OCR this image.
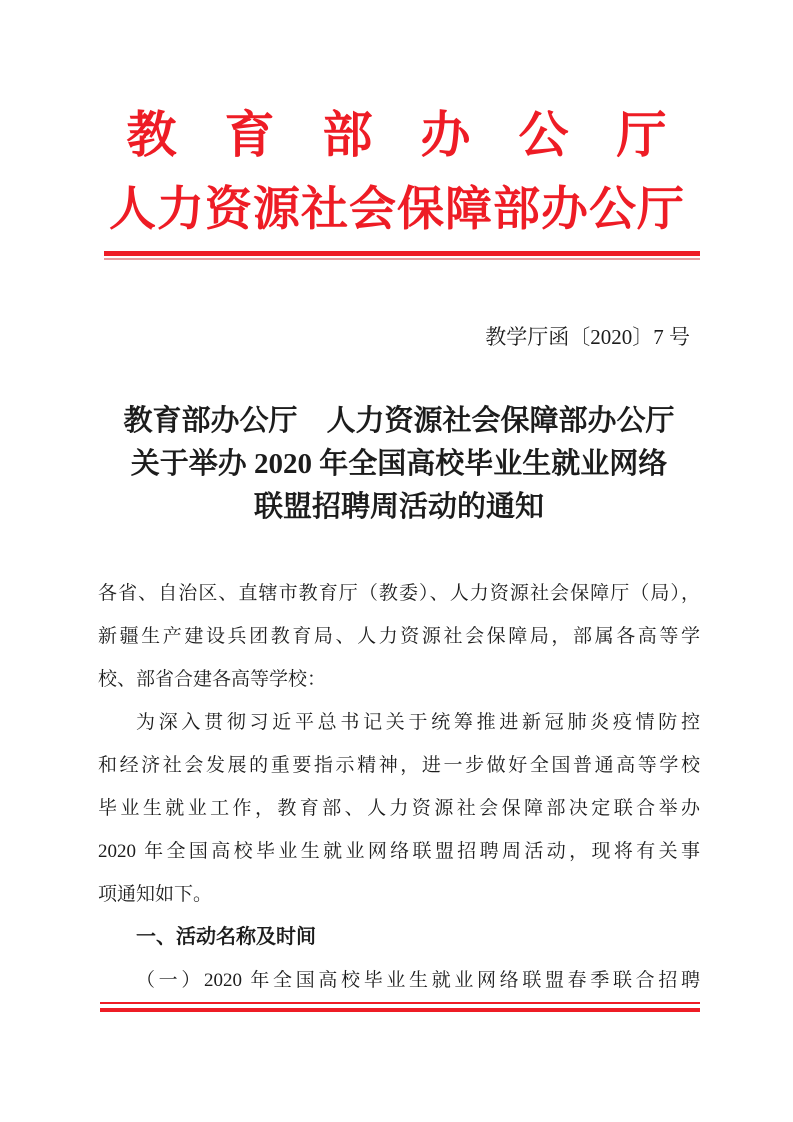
教育部办公厅
人力资源社会保障部办公厅
教学厅函〔2020〕7 号
教育部办公厅　人力资源社会保障部办公厅
关于举办 2020 年全国高校毕业生就业网络
联盟招聘周活动的通知
各省、自治区、直辖市教育厅（教委）、人力资源社会保障厅（局），
新疆生产建设兵团教育局、人力资源社会保障局，部属各高等学
校、部省合建各高等学校：
为深入贯彻习近平总书记关于统筹推进新冠肺炎疫情防控
和经济社会发展的重要指示精神，进一步做好全国普通高等学校
毕业生就业工作，教育部、人力资源社会保障部决定联合举办
2020 年全国高校毕业生就业网络联盟招聘周活动，现将有关事
项通知如下。
一、活动名称及时间
（一）2020 年全国高校毕业生就业网络联盟春季联合招聘
